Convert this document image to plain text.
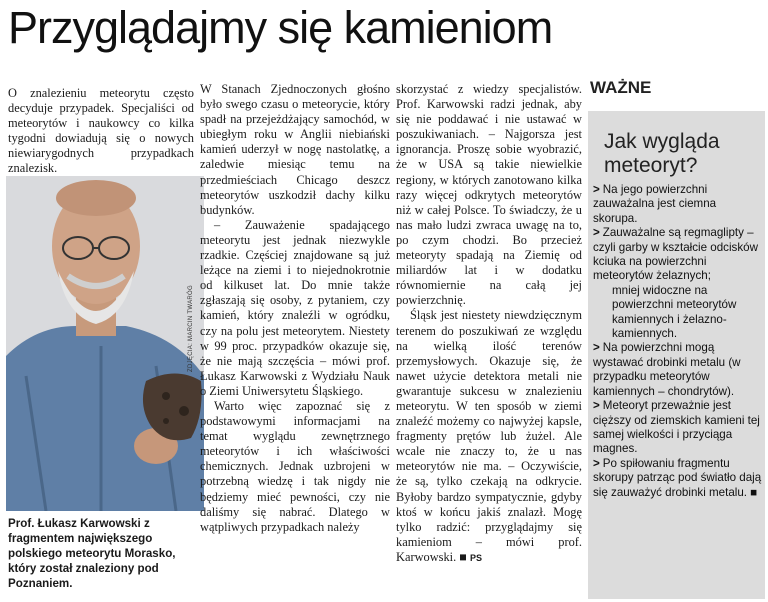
Przyglądajmy się kamieniom

O znalezieniu meteorytu często decyduje przypadek. Specjaliści od meteorytów i naukowcy co kilka tygodni dowiadują się o nowych niewiarygodnych przypadkach znalezisk.

ZDJĘCIA: MARCIN TWARÓG
Prof. Łukasz Karwowski z fragmentem największego polskiego meteorytu Morasko, który został znaleziony pod Poznaniem.

W Stanach Zjednoczonych głośno było swego czasu o meteorycie, który spadł na przejeżdżający samochód, w ubiegłym roku w Anglii niebiański kamień uderzył w nogę nastolatkę, a zaledwie miesiąc temu na przedmieściach Chicago deszcz meteorytów uszkodził dachy kilku budynków.

– Zauważenie spadającego meteorytu jest jednak niezwykle rzadkie. Częściej znajdowane są już leżące na ziemi i to niejednokrotnie od kilkuset lat. Do mnie także zgłaszają się osoby, z pytaniem, czy kamień, który znaleźli w ogródku, czy na polu jest meteorytem. Niestety w 99 proc. przypadków okazuje się, że nie mają szczęścia – mówi prof. Łukasz Karwowski z Wydziału Nauk o Ziemi Uniwersytetu Śląskiego.

Warto więc zapoznać się z podstawowymi informacjami na temat wyglądu zewnętrznego meteorytów i ich właściwości chemicznych. Jednak uzbrojeni w potrzebną wiedzę i tak nigdy nie będziemy mieć pewności, czy nie daliśmy się nabrać. Dlatego w wątpliwych przypadkach należy

skorzystać z wiedzy specjalistów. Prof. Karwowski radzi jednak, aby się nie poddawać i nie ustawać w poszukiwaniach. – Najgorsza jest ignorancja. Proszę sobie wyobrazić, że w USA są takie niewielkie regiony, w których zanotowano kilka razy więcej odkrytych meteorytów niż w całej Polsce. To świadczy, że u nas mało ludzi zwraca uwagę na to, po czym chodzi. Bo przecież meteoryty spadają na Ziemię od miliardów lat i w dodatku równomiernie na całą jej powierzchnię.

Śląsk jest niestety niewdzięcznym terenem do poszukiwań ze względu na wielką ilość terenów przemysłowych. Okazuje się, że nawet użycie detektora metali nie gwarantuje sukcesu w znalezieniu meteorytu. W ten sposób w ziemi znaleźć możemy co najwyżej kapsle, fragmenty prętów lub żużel. Ale wcale nie znaczy to, że u nas meteorytów nie ma. – Oczywiście, że są, tylko czekają na odkrycie. Byłoby bardzo sympatycznie, gdyby ktoś w końcu jakiś znalazł. Mogę tylko radzić: przyglądajmy się kamieniom – mówi prof. Karwowski. ■ PS

WAŻNE
Jak wygląda meteoryt?
> Na jego powierzchni zauważalna jest ciemna skorupa.
> Zauważalne są regmaglipty – czyli garby w kształcie odcisków kciuka na powierzchni meteorytów żelaznych;
mniej widoczne na powierzchni meteorytów kamiennych i żelazno-kamiennych.
> Na powierzchni mogą wystawać drobinki metalu (w przypadku meteorytów kamiennych – chondrytów).
> Meteoryt przeważnie jest cięższy od ziemskich kamieni tej samej wielkości i przyciąga magnes.
> Po spiłowaniu fragmentu skorupy patrząc pod światło dają się zauważyć drobinki metalu. ■
